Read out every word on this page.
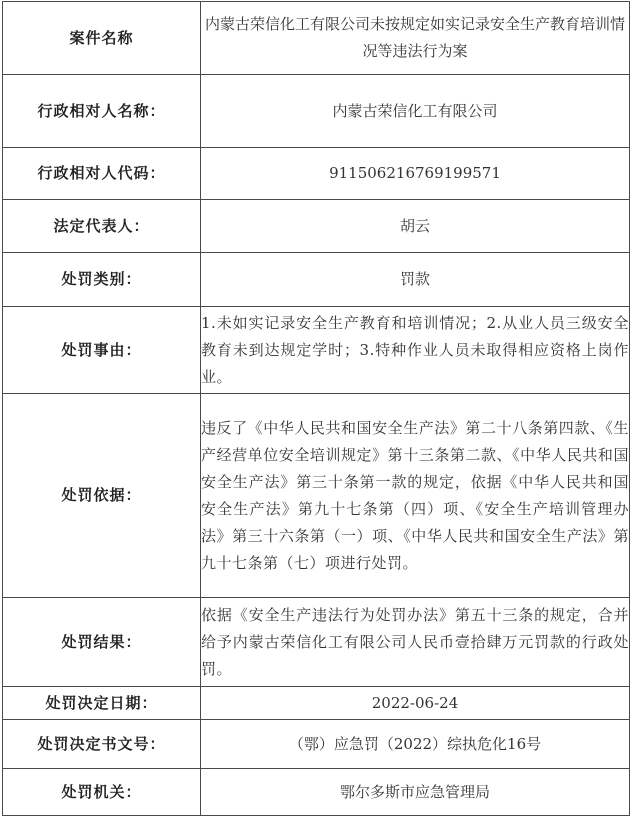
案件名称	内蒙古荣信化工有限公司未按规定如实记录安全生产教育培训情况等违法行为案
行政相对人名称：	内蒙古荣信化工有限公司
行政相对人代码：	911506216769199571
法定代表人：	胡云
处罚类别：	罚款
处罚事由：	1.未如实记录安全生产教育和培训情况；2.从业人员三级安全教育未到达规定学时；3.特种作业人员未取得相应资格上岗作业。
处罚依据：	违反了《中华人民共和国安全生产法》第二十八条第四款、《生产经营单位安全培训规定》第十三条第二款、《中华人民共和国安全生产法》第三十条第一款的规定，依据《中华人民共和国安全生产法》第九十七条第（四）项、《安全生产培训管理办法》第三十六条第（一）项、《中华人民共和国安全生产法》第九十七条第（七）项进行处罚。
处罚结果：	依据《安全生产违法行为处罚办法》第五十三条的规定，合并给予内蒙古荣信化工有限公司人民币壹拾肆万元罚款的行政处罚。
处罚决定日期：	2022-06-24
处罚决定书文号：	（鄂）应急罚（2022）综执危化16号
处罚机关：	鄂尔多斯市应急管理局
